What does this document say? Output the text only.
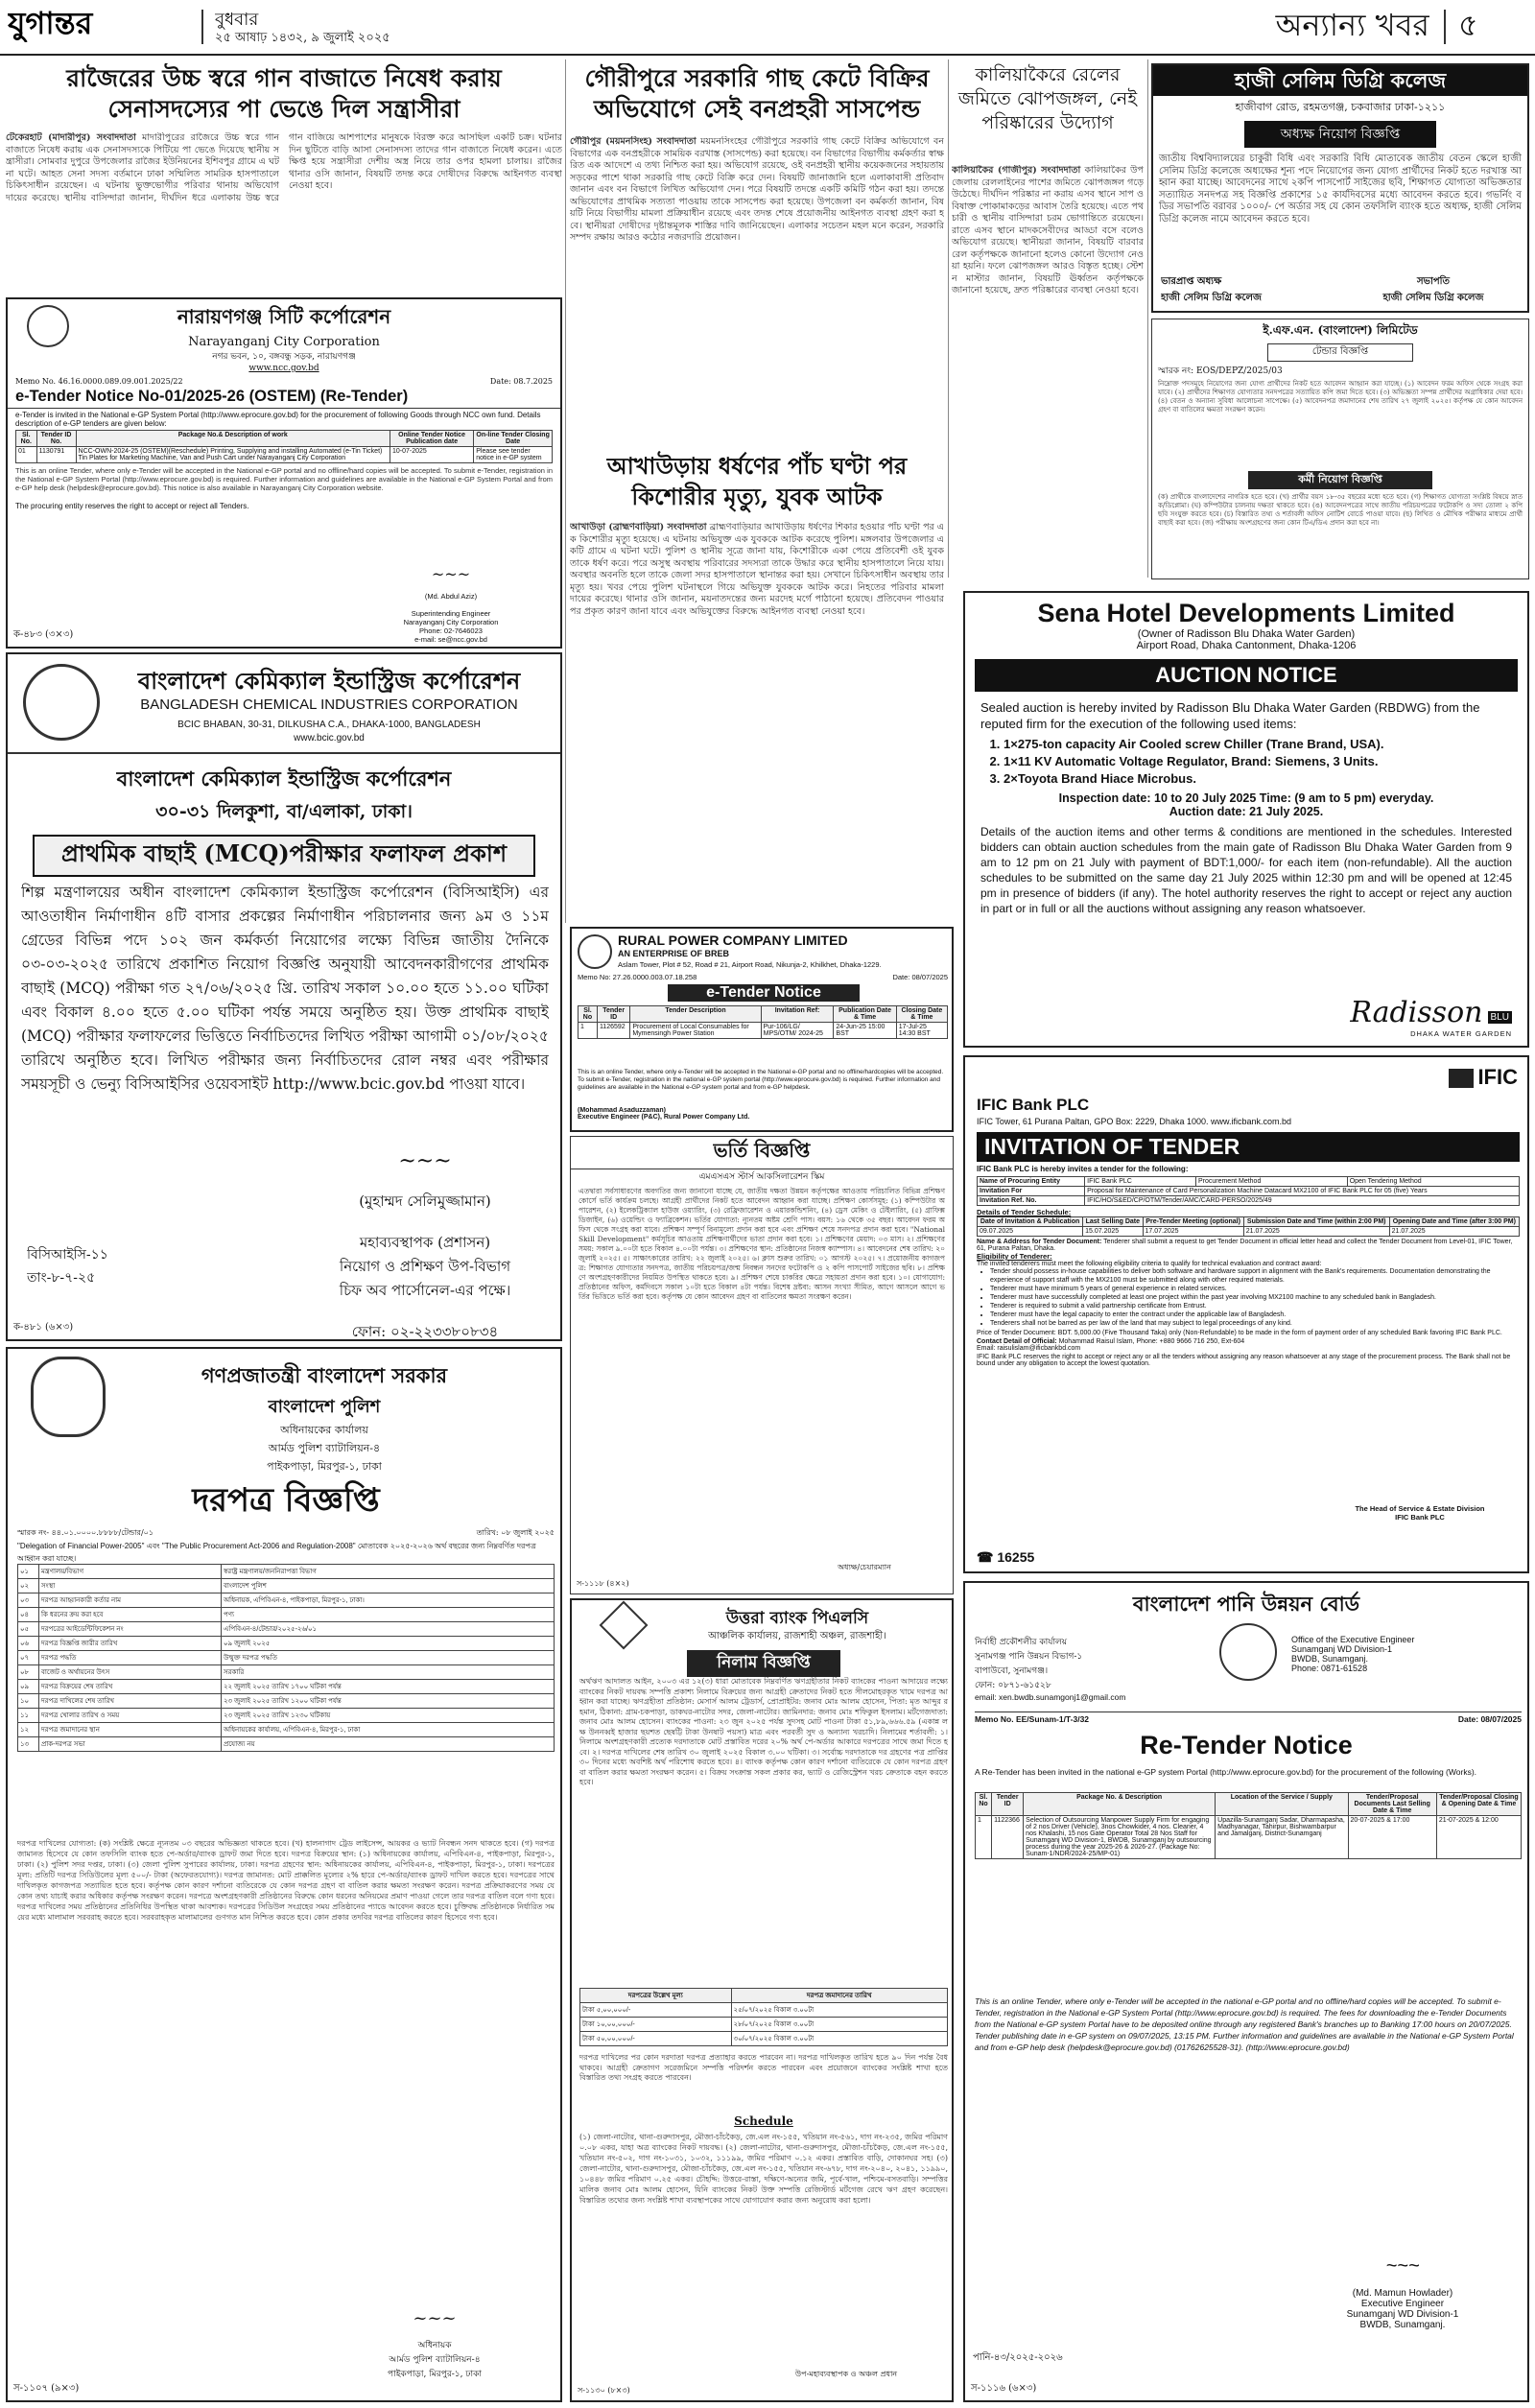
যুগান্তর	বুধবার
২৫ আষাঢ় ১৪৩২, ৯ জুলাই ২০২৫	অন্যান্য খবর ৫
রাজৈরের উচ্চ স্বরে গান বাজাতে নিষেধ করায় সেনাসদস্যের পা ভেঙে দিল সন্ত্রাসীরা
টেকেরহাট (মাদারীপুর) সংবাদদাতা মাদারীপুরের রাজৈরে উচ্চ স্বরে গান বাজাতে নিষেধ করায় এক সেনাসদস্যকে পিটিয়ে পা ভেঙে দিয়েছে স্থানীয় সন্ত্রাসীরা। সোমবার দুপুরে উপজেলার রাজৈর ইউনিয়নের ইশিবপুর গ্রামে এ ঘটনা ঘটে। আহত সেনা সদস্য বর্তমানে ঢাকা সম্মিলিত সামরিক হাসপাতালে চিকিৎসাধীন রয়েছেন। এ ঘটনায় ভুক্তভোগীর পরিবার থানায় অভিযোগ দায়ের করেছে। স্থানীয় বাসিন্দারা জানান, দীর্ঘদিন ধরে এলাকায় উচ্চ স্বরে গান বাজিয়ে আশপাশের মানুষকে বিরক্ত করে আসছিল একটি চক্র। ঘটনার দিন ছুটিতে বাড়ি আসা সেনাসদস্য তাদের গান বাজাতে নিষেধ করেন। এতে ক্ষিপ্ত হয়ে সন্ত্রাসীরা দেশীয় অস্ত্র নিয়ে তার ওপর হামলা চালায়। রাজৈর থানার ওসি জানান, বিষয়টি তদন্ত করে দোষীদের বিরুদ্ধে আইনগত ব্যবস্থা নেওয়া হবে।
গৌরীপুরে সরকারি গাছ কেটে বিক্রির অভিযোগে সেই বনপ্রহরী সাসপেন্ড
গৌরীপুর (ময়মনসিংহ) সংবাদদাতা ময়মনসিংহের গৌরীপুরে সরকারি গাছ কেটে বিক্রির অভিযোগে বনবিভাগের এক বনপ্রহরীকে সাময়িক বরখাস্ত (সাসপেন্ড) করা হয়েছে। বন বিভাগের বিভাগীয় কর্মকর্তার স্বাক্ষরিত এক আদেশে এ তথ্য নিশ্চিত করা হয়। অভিযোগ রয়েছে, ওই বনপ্রহরী স্থানীয় কয়েকজনের সহায়তায় সড়কের পাশে থাকা সরকারি গাছ কেটে বিক্রি করে দেন। বিষয়টি জানাজানি হলে এলাকাবাসী প্রতিবাদ জানান এবং বন বিভাগে লিখিত অভিযোগ দেন। পরে বিষয়টি তদন্তে একটি কমিটি গঠন করা হয়। তদন্তে অভিযোগের প্রাথমিক সত্যতা পাওয়ায় তাকে সাসপেন্ড করা হয়েছে। উপজেলা বন কর্মকর্তা জানান, বিষয়টি নিয়ে বিভাগীয় মামলা প্রক্রিয়াধীন রয়েছে এবং তদন্ত শেষে প্রয়োজনীয় আইনগত ব্যবস্থা গ্রহণ করা হবে। স্থানীয়রা দোষীদের দৃষ্টান্তমূলক শাস্তির দাবি জানিয়েছেন। এলাকার সচেতন মহল মনে করেন, সরকারি সম্পদ রক্ষায় আরও কঠোর নজরদারি প্রয়োজন।
কালিয়াকৈরে রেলের জমিতে ঝোপজঙ্গল, নেই পরিষ্কারের উদ্যোগ
কালিয়াকৈর (গাজীপুর) সংবাদদাতা কালিয়াকৈর উপজেলায় রেললাইনের পাশের জমিতে ঝোপজঙ্গল গড়ে উঠেছে। দীর্ঘদিন পরিষ্কার না করায় এসব স্থানে সাপ ও বিষাক্ত পোকামাকড়ের আবাস তৈরি হয়েছে। এতে পথচারী ও স্থানীয় বাসিন্দারা চরম ভোগান্তিতে রয়েছেন। রাতে এসব স্থানে মাদকসেবীদের আড্ডা বসে বলেও অভিযোগ রয়েছে। স্থানীয়রা জানান, বিষয়টি বারবার রেল কর্তৃপক্ষকে জানানো হলেও কোনো উদ্যোগ নেওয়া হয়নি। ফলে ঝোপজঙ্গল আরও বিস্তৃত হচ্ছে। স্টেশন মাস্টার জানান, বিষয়টি ঊর্ধ্বতন কর্তৃপক্ষকে জানানো হয়েছে, দ্রুত পরিষ্কারের ব্যবস্থা নেওয়া হবে।
আখাউড়ায় ধর্ষণের পাঁচ ঘণ্টা পর কিশোরীর মৃত্যু, যুবক আটক
আখাউড়া (ব্রাহ্মণবাড়িয়া) সংবাদদাতা ব্রাহ্মণবাড়িয়ার আখাউড়ায় ধর্ষণের শিকার হওয়ার পাঁচ ঘণ্টা পর এক কিশোরীর মৃত্যু হয়েছে। এ ঘটনায় অভিযুক্ত এক যুবককে আটক করেছে পুলিশ। মঙ্গলবার উপজেলার একটি গ্রামে এ ঘটনা ঘটে। পুলিশ ও স্থানীয় সূত্রে জানা যায়, কিশোরীকে একা পেয়ে প্রতিবেশী ওই যুবক তাকে ধর্ষণ করে। পরে অসুস্থ অবস্থায় পরিবারের সদস্যরা তাকে উদ্ধার করে স্থানীয় হাসপাতালে নিয়ে যায়। অবস্থার অবনতি হলে তাকে জেলা সদর হাসপাতালে স্থানান্তর করা হয়। সেখানে চিকিৎসাধীন অবস্থায় তার মৃত্যু হয়। খবর পেয়ে পুলিশ ঘটনাস্থলে গিয়ে অভিযুক্ত যুবককে আটক করে। নিহতের পরিবার মামলা দায়ের করেছে। থানার ওসি জানান, ময়নাতদন্তের জন্য মরদেহ মর্গে পাঠানো হয়েছে। প্রতিবেদন পাওয়ার পর প্রকৃত কারণ জানা যাবে এবং অভিযুক্তের বিরুদ্ধে আইনগত ব্যবস্থা নেওয়া হবে।
হাজী সেলিম ডিগ্রি কলেজ
হাজীবাগ রোড, রহমতগঞ্জ, চকবাজার ঢাকা-১২১১
অধ্যক্ষ নিয়োগ বিজ্ঞপ্তি
জাতীয় বিশ্ববিদ্যালয়ের চাকুরী বিধি এবং সরকারি বিধি মোতাবেক জাতীয় বেতন স্কেলে হাজী সেলিম ডিগ্রি কলেজে অধ্যক্ষের শূন্য পদে নিয়োগের জন্য যোগ্য প্রার্থীদের নিকট হতে দরখাস্ত আহ্বান করা যাচ্ছে। আবেদনের সাথে ২কপি পাসপোর্ট সাইজের ছবি, শিক্ষাগত যোগ্যতা অভিজ্ঞতার সত্যায়িত সনদপত্র সহ বিজ্ঞপ্তি প্রকাশের ১৫ কার্যদিবসের মধ্যে আবেদন করতে হবে। গভর্নিং বডির সভাপতি বরাবর ১০০০/- পে অর্ডার সহ যে কোন তফসিলি ব্যাংক হতে অধ্যক্ষ, হাজী সেলিম ডিগ্রি কলেজ নামে আবেদন করতে হবে।
ভারপ্রাপ্ত অধ্যক্ষ
হাজী সেলিম ডিগ্রি কলেজ
সভাপতি
হাজী সেলিম ডিগ্রি কলেজ
ই.এফ.এন. (বাংলাদেশ) লিমিটেড
টেন্ডার বিজ্ঞপ্তি
স্মারক নং: EOS/DEPZ/2025/03
নিম্নোক্ত পদসমূহে নিয়োগের জন্য যোগ্য প্রার্থীদের নিকট হতে আবেদন আহ্বান করা যাচ্ছে। (১) আবেদন ফরম অফিস থেকে সংগ্রহ করা যাবে। (২) প্রার্থীদের শিক্ষাগত যোগ্যতার সনদপত্রের সত্যায়িত কপি জমা দিতে হবে। (৩) অভিজ্ঞতা সম্পন্ন প্রার্থীদের অগ্রাধিকার দেয়া হবে। (৪) বেতন ও অন্যান্য সুবিধা আলোচনা সাপেক্ষে। (৫) আবেদনপত্র জমাদানের শেষ তারিখ ২৭ জুলাই ২০২৫। কর্তৃপক্ষ যে কোন আবেদন গ্রহণ বা বাতিলের ক্ষমতা সংরক্ষণ করেন।
কর্মী নিয়োগ বিজ্ঞপ্তি
(ক) প্রার্থীকে বাংলাদেশের নাগরিক হতে হবে। (খ) প্রার্থীর বয়স ১৮-৩৫ বছরের মধ্যে হতে হবে। (গ) শিক্ষাগত যোগ্যতা সংশ্লিষ্ট বিষয়ে স্নাতক/ডিপ্লোমা। (ঘ) কম্পিউটার চালনায় দক্ষতা থাকতে হবে। (ঙ) আবেদনপত্রের সাথে জাতীয় পরিচয়পত্রের ফটোকপি ও সদ্য তোলা ২ কপি ছবি সংযুক্ত করতে হবে। (চ) বিস্তারিত তথ্য ও শর্তাবলী অফিস নোটিশ বোর্ডে পাওয়া যাবে। (ছ) লিখিত ও মৌখিক পরীক্ষার মাধ্যমে প্রার্থী বাছাই করা হবে। (জ) পরীক্ষায় অংশগ্রহণের জন্য কোন টিএ/ডিএ প্রদান করা হবে না।
নারায়ণগঞ্জ সিটি কর্পোরেশন
Narayanganj City Corporation
নগর ভবন, ১০, বঙ্গবন্ধু সড়ক, নারায়ণগঞ্জ
www.ncc.gov.bd
Memo No. 46.16.0000.089.09.001.2025/22	Date: 08.7.2025
e-Tender Notice No-01/2025-26 (OSTEM) (Re-Tender)
e-Tender is invited in the National e-GP System Portal (http://www.eprocure.gov.bd) for the procurement of following Goods through NCC own fund. Details description of e-GP tenders are given below:
Sl. No.	Tender ID No.	Package No.& Description of work	Online Tender Notice Publication date	On-line Tender Closing Date
01	1130791	NCC-OWN-2024-25 (OSTEM)(Reschedule) Printing, Supplying and installing Automated (e-Tin Ticket) Tin Plates for Marketing Machine, Van and Push Cart under Narayanganj City Corporation	10-07-2025	Please see tender notice in e-GP system
This is an online Tender, where only e-Tender will be accepted in the National e-GP portal and no offline/hard copies will be accepted. To submit e-Tender, registration in the National e-GP System Portal (http://www.eprocure.gov.bd) is required. Further information and guidelines are available in the National e-GP System Portal and from e-GP help desk (helpdesk@eprocure.gov.bd). This notice is also available in Narayanganj City Corporation website.
The procuring entity reserves the right to accept or reject all Tenders.

~~~

(Md. Abdul Aziz)

Superintending Engineer
Narayanganj City Corporation
Phone: 02-7646023
e-mail: se@ncc.gov.bd

ক-৪৮৩ (৩×৩)
বাংলাদেশ কেমিক্যাল ইন্ডাস্ট্রিজ কর্পোরেশন
BANGLADESH CHEMICAL INDUSTRIES CORPORATION
BCIC BHABAN, 30-31, DILKUSHA C.A., DHAKA-1000, BANGLADESH
www.bcic.gov.bd
বাংলাদেশ কেমিক্যাল ইন্ডাস্ট্রিজ কর্পোরেশন
৩০-৩১ দিলকুশা, বা/এলাকা, ঢাকা।
প্রাথমিক বাছাই (MCQ)পরীক্ষার ফলাফল প্রকাশ
শিল্প মন্ত্রণালয়ের অধীন বাংলাদেশ কেমিক্যাল ইন্ডাস্ট্রিজ কর্পোরেশন (বিসিআইসি) এর আওতাধীন নির্মাণাধীন ৪টি বাসার প্রকল্পের নির্মাণাধীন পরিচালনার জন্য ৯ম ও ১১ম গ্রেডের বিভিন্ন পদে ১০২ জন কর্মকর্তা নিয়োগের লক্ষ্যে বিভিন্ন জাতীয় দৈনিকে ০৩-০৩-২০২৫ তারিখে প্রকাশিত নিয়োগ বিজ্ঞপ্তি অনুযায়ী আবেদনকারীগণের প্রাথমিক বাছাই (MCQ) পরীক্ষা গত ২৭/০৬/২০২৫ খ্রি. তারিখ সকাল ১০.০০ হতে ১১.০০ ঘটিকা এবং বিকাল ৪.০০ হতে ৫.০০ ঘটিকা পর্যন্ত সময়ে অনুষ্ঠিত হয়। উক্ত প্রাথমিক বাছাই (MCQ) পরীক্ষার ফলাফলের ভিত্তিতে নির্বাচিতদের লিখিত পরীক্ষা আগামী ০১/০৮/২০২৫ তারিখে অনুষ্ঠিত হবে। লিখিত পরীক্ষার জন্য নির্বাচিতদের রোল নম্বর এবং পরীক্ষার সময়সূচী ও ভেন্যু বিসিআইসির ওয়েবসাইট http://www.bcic.gov.bd পাওয়া যাবে।

~~~

(মুহাম্মদ সেলিমুজ্জামান)

মহাব্যবস্থাপক (প্রশাসন)
নিয়োগ ও প্রশিক্ষণ উপ-বিভাগ
চিফ অব পার্সোনেল-এর পক্ষে।

ফোন: ০২-২২৩৩৮০৮৩৪

বিসিআইসি-১১
তাং-৮-৭-২৫
ক-৪৮১ (৬×৩)
গণপ্রজাতন্ত্রী বাংলাদেশ সরকার
বাংলাদেশ পুলিশ
অধিনায়কের কার্যালয়
আর্মড পুলিশ ব্যাটালিয়ন-৪
পাইকপাড়া, মিরপুর-১, ঢাকা
দরপত্র বিজ্ঞপ্তি
স্মারক নং- ৪৪.০১.০০০০.৮৮৮৮/টেন্ডার/০১	তারিখ: ০৮ জুলাই ২০২৫
"Delegation of Financial Power-2005" এবং "The Public Procurement Act-2006 and Regulation-2008" মোতাবেক ২০২৫-২০২৬ অর্থ বছরের জন্য নিম্নবর্ণিত দরপত্র আহ্বান করা যাচ্ছে।
০১	মন্ত্রণালয়/বিভাগ	স্বরাষ্ট্র মন্ত্রণালয়/জননিরাপত্তা বিভাগ
০২	সংস্থা	বাংলাদেশ পুলিশ
০৩	দরপত্র আহ্বানকারী কর্তার নাম	অধিনায়ক, এপিবিএন-৪, পাইকপাড়া, মিরপুর-১, ঢাকা।
০৪	কি ধরনের ক্রয় করা হবে	পণ্য
০৫	দরপত্রের আইডেন্টিফিকেশন নং	এপিবিএন-৪/টেন্ডার/২০২৫-২৬/০১
০৬	দরপত্র বিজ্ঞপ্তি জারীর তারিখ	০৯ জুলাই ২০২৫
০৭	দরপত্র পদ্ধতি	উন্মুক্ত দরপত্র পদ্ধতি
০৮	বাজেট ও অর্থায়নের উৎস	সরকারি
০৯	দরপত্র বিক্রয়ের শেষ তারিখ	২২ জুলাই ২০২৫ তারিখ ১৭০০ ঘটিকা পর্যন্ত
১০	দরপত্র দাখিলের শেষ তারিখ	২৩ জুলাই ২০২৫ তারিখ ১২০০ ঘটিকা পর্যন্ত
১১	দরপত্র খোলার তারিখ ও সময়	২৩ জুলাই ২০২৫ তারিখ ১২৩০ ঘটিকায়
১২	দরপত্র জমাদানের স্থান	অধিনায়কের কার্যালয়, এপিবিএন-৪, মিরপুর-১, ঢাকা
১৩	প্রাক-দরপত্র সভা	প্রযোজ্য নয়
দরপত্র দাখিলের যোগ্যতা: (ক) সংশ্লিষ্ট ক্ষেত্রে ন্যূনতম ০৩ বছরের অভিজ্ঞতা থাকতে হবে। (খ) হালনাগাদ ট্রেড লাইসেন্স, আয়কর ও ভ্যাট নিবন্ধন সনদ থাকতে হবে। (গ) দরপত্র জামানত হিসেবে যে কোন তফসিলি ব্যাংক হতে পে-অর্ডার/ব্যাংক ড্রাফট জমা দিতে হবে। দরপত্র বিক্রয়ের স্থান: (১) অধিনায়কের কার্যালয়, এপিবিএন-৪, পাইকপাড়া, মিরপুর-১, ঢাকা। (২) পুলিশ সদর দপ্তর, ঢাকা। (৩) জেলা পুলিশ সুপারের কার্যালয়, ঢাকা। দরপত্র গ্রহণের স্থান: অধিনায়কের কার্যালয়, এপিবিএন-৪, পাইকপাড়া, মিরপুর-১, ঢাকা। দরপত্রের মূল্য: প্রতিটি দরপত্র সিডিউলের মূল্য ৫০০/- টাকা (অফেরতযোগ্য)। দরপত্র জামানত: মোট প্রাক্কলিত মূল্যের ২% হারে পে-অর্ডার/ব্যাংক ড্রাফট দাখিল করতে হবে। দরপত্রের সাথে দাখিলকৃত কাগজপত্র সত্যায়িত হতে হবে। কর্তৃপক্ষ কোন কারণ দর্শানো ব্যতিরেকে যে কোন দরপত্র গ্রহণ বা বাতিল করার ক্ষমতা সংরক্ষণ করেন। দরপত্র প্রক্রিয়াকরণের সময় যে কোন তথ্য যাচাই করার অধিকার কর্তৃপক্ষ সংরক্ষণ করেন। দরপত্রে অংশগ্রহণকারী প্রতিষ্ঠানের বিরুদ্ধে কোন ধরনের অনিয়মের প্রমাণ পাওয়া গেলে তার দরপত্র বাতিল বলে গণ্য হবে। দরপত্র দাখিলের সময় প্রতিষ্ঠানের প্রতিনিধির উপস্থিত থাকা আবশ্যক। দরপত্রের সিডিউল সংগ্রহের সময় প্রতিষ্ঠানের প্যাডে আবেদন করতে হবে। চুক্তিবদ্ধ প্রতিষ্ঠানকে নির্ধারিত সময়ের মধ্যে মালামাল সরবরাহ করতে হবে। সরবরাহকৃত মালামালের গুণগত মান নিশ্চিত করতে হবে। কোন প্রকার তদবির দরপত্র বাতিলের কারণ হিসেবে গণ্য হবে।

~~~

অধিনায়ক
আর্মড পুলিশ ব্যাটালিয়ন-৪
পাইকপাড়া, মিরপুর-১, ঢাকা

স-১১০৭ (৯×৩)
RURAL POWER COMPANY LIMITED
AN ENTERPRISE OF BREB
Aslam Tower, Plot # 52, Road # 21, Airport Road, Nikunja-2, Khilkhet, Dhaka-1229.
Memo No: 27.26.0000.003.07.18.258	Date: 08/07/2025
e-Tender Notice
Sl. No	Tender ID	Tender Description	Invitation Ref:	Publication Date & Time	Closing Date & Time
1	1126592	Procurement of Local Consumables for Mymensingh Power Station	Pur-106/LG/ MPS/OTM/ 2024-25	24-Jun-25 15:00 BST	17-Jul-25 14:30 BST
This is an online Tender, where only e-Tender will be accepted in the National e-GP portal and no offline/hardcopies will be accepted. To submit e-Tender, registration in the national e-GP system portal (http://www.eprocure.gov.bd) is required. Further information and guidelines are available in the National e-GP system portal and from e-GP helpdesk.
(Mohammad Asaduzzaman)
Executive Engineer (P&C), Rural Power Company Ltd.
ভর্তি বিজ্ঞপ্তি
এমএসএস স্টার্স আকসিলারেশন স্কিম
এতদ্বারা সর্বসাধারণের অবগতির জন্য জানানো যাচ্ছে যে, জাতীয় দক্ষতা উন্নয়ন কর্তৃপক্ষের আওতায় পরিচালিত বিভিন্ন প্রশিক্ষণ কোর্সে ভর্তি কার্যক্রম চলছে। আগ্রহী প্রার্থীদের নিকট হতে আবেদন আহ্বান করা যাচ্ছে। প্রশিক্ষণ কোর্সসমূহ: (১) কম্পিউটার অপারেশন, (২) ইলেকট্রিক্যাল হাউজ ওয়্যারিং, (৩) রেফ্রিজারেশন ও এয়ারকন্ডিশনিং, (৪) ড্রেস মেকিং ও টেইলারিং, (৫) গ্রাফিক্স ডিজাইন, (৬) ওয়েল্ডিং ও ফ্যাব্রিকেশন। ভর্তির যোগ্যতা: ন্যূনতম অষ্টম শ্রেণি পাস। বয়স: ১৬ থেকে ৩৫ বছর। আবেদন ফরম অফিস থেকে সংগ্রহ করা যাবে। প্রশিক্ষণ সম্পূর্ণ বিনামূল্যে প্রদান করা হবে এবং প্রশিক্ষণ শেষে সনদপত্র প্রদান করা হবে। "National Skill Development" কর্মসূচির আওতায় প্রশিক্ষণার্থীদের ভাতা প্রদান করা হবে। ১। প্রশিক্ষণের মেয়াদ: ০৩ মাস। ২। প্রশিক্ষণের সময়: সকাল ৯.০০টা হতে বিকাল ৪.০০টা পর্যন্ত। ৩। প্রশিক্ষণের স্থান: প্রতিষ্ঠানের নিজস্ব ক্যাম্পাস। ৪। আবেদনের শেষ তারিখ: ২০ জুলাই ২০২৫। ৫। সাক্ষাৎকারের তারিখ: ২২ জুলাই ২০২৫। ৬। ক্লাস শুরুর তারিখ: ০১ আগস্ট ২০২৫। ৭। প্রয়োজনীয় কাগজপত্র: শিক্ষাগত যোগ্যতার সনদপত্র, জাতীয় পরিচয়পত্র/জন্ম নিবন্ধন সনদের ফটোকপি ও ২ কপি পাসপোর্ট সাইজের ছবি। ৮। প্রশিক্ষণে অংশগ্রহণকারীদের নিয়মিত উপস্থিত থাকতে হবে। ৯। প্রশিক্ষণ শেষে চাকরির ক্ষেত্রে সহায়তা প্রদান করা হবে। ১০। যোগাযোগ: প্রতিষ্ঠানের অফিস, কর্মদিবসে সকাল ১০টা হতে বিকাল ৪টা পর্যন্ত। বিশেষ দ্রষ্টব্য: আসন সংখ্যা সীমিত, আগে আসলে আগে ভর্তির ভিত্তিতে ভর্তি করা হবে। কর্তৃপক্ষ যে কোন আবেদন গ্রহণ বা বাতিলের ক্ষমতা সংরক্ষণ করেন।
অধ্যক্ষ/চেয়ারম্যান
স-১১১৮ (৪×২)
উত্তরা ব্যাংক পিএলসি
আঞ্চলিক কার্যালয়, রাজশাহী অঞ্চল, রাজশাহী।
নিলাম বিজ্ঞপ্তি
অর্থঋণ আদালত আইন, ২০০৩ এর ১২(৩) ধারা মোতাবেক নিম্নবর্ণিত ঋণগ্রহীতার নিকট ব্যাংকের পাওনা আদায়ের লক্ষ্যে ব্যাংকের নিকট দায়বদ্ধ সম্পত্তি প্রকাশ্য নিলামে বিক্রয়ের জন্য আগ্রহী ক্রেতাদের নিকট হতে সীলমোহরকৃত খামে দরপত্র আহ্বান করা যাচ্ছে। ঋণগ্রহীতা প্রতিষ্ঠান: মেসার্স আলম ট্রেডার্স, প্রোপ্রাইটর: জনাব মোঃ আলম হোসেন, পিতা: মৃত আব্দুর রহমান, ঠিকানা: গ্রাম-চকপাড়া, ডাকঘর-নাটোর সদর, জেলা-নাটোর। জামিনদার: জনাব মোঃ শফিকুল ইসলাম। মর্টগেজদাতা: জনাব মোঃ আলম হোসেন। ব্যাংকের পাওনা: ২৩ জুন ২০২৫ পর্যন্ত সুদসহ মোট পাওনা টাকা ৫১,৮৯,৬৬৬.৫৯ (একান্ন লক্ষ উননব্বই হাজার ছয়শত ছেষট্টি টাকা উনষাট পয়সা) মাত্র এবং পরবর্তী সুদ ও অন্যান্য খরচাদি। নিলামের শর্তাবলী: ১। নিলামে অংশগ্রহণকারী প্রত্যেক দরদাতাকে মোট প্রস্তাবিত দরের ২০% অর্থ পে-অর্ডার আকারে দরপত্রের সাথে জমা দিতে হবে। ২। দরপত্র দাখিলের শেষ তারিখ ৩০ জুলাই ২০২৫ বিকাল ৩.০০ ঘটিকা। ৩। সর্বোচ্চ দরদাতাকে দর গ্রহণের পত্র প্রাপ্তির ৩০ দিনের মধ্যে অবশিষ্ট অর্থ পরিশোধ করতে হবে। ৪। ব্যাংক কর্তৃপক্ষ কোন কারণ দর্শানো ব্যতিরেকে যে কোন দরপত্র গ্রহণ বা বাতিল করার ক্ষমতা সংরক্ষণ করেন। ৫। বিক্রয় সংক্রান্ত সকল প্রকার কর, ভ্যাট ও রেজিস্ট্রেশন খরচ ক্রেতাকে বহন করতে হবে।
দরপত্রের উল্লেখ মূল্য	দরপত্র জমাদানের তারিখ
টাকা ৫,০০,০০০/-	২৫/০৭/২০২৫ বিকাল ৩.০০টা
টাকা ১০,০০,০০০/-	২৮/০৭/২০২৫ বিকাল ৩.০০টা
টাকা ৫০,০০,০০০/-	৩০/০৭/২০২৫ বিকাল ৩.০০টা
দরপত্র দাখিলের পর কোন দরদাতা দরপত্র প্রত্যাহার করতে পারবেন না। দরপত্র দাখিলকৃত তারিখ হতে ৯০ দিন পর্যন্ত বৈধ থাকবে। আগ্রহী ক্রেতাগণ সরেজমিনে সম্পত্তি পরিদর্শন করতে পারবেন এবং প্রয়োজনে ব্যাংকের সংশ্লিষ্ট শাখা হতে বিস্তারিত তথ্য সংগ্রহ করতে পারবেন।
Schedule
(১) জেলা-নাটোর, থানা-গুরুদাসপুর, মৌজা-চাঁচকৈড়, জে.এল নং-১৫৫, খতিয়ান নং-৫৬১, দাগ নং-২৩৫, জমির পরিমাণ ০.০৮ একর, যাহা অত্র ব্যাংকের নিকট দায়বদ্ধ। (২) জেলা-নাটোর, থানা-গুরুদাসপুর, মৌজা-চাঁচকৈড়, জে.এল নং-১৫৫, খতিয়ান নং-৫০২, দাগ নং-১০৩১, ১০৩২, ১১১৯৯, জমির পরিমাণ ০.১২ একর। প্রস্তাবিত বাড়ি, দোকানঘর সহ। (৩) জেলা-নাটোর, থানা-গুরুদাসপুর, মৌজা-চাঁচকৈড়, জে.এল নং-১৫৫, খতিয়ান নং-৬৭৮, দাগ নং-২০৪০, ২০৪১, ১১৯৯০, ১০৪৪৮ জমির পরিমাণ ০.২৫ একর। চৌহদ্দি: উত্তরে-রাস্তা, দক্ষিণে-অন্যের জমি, পূর্বে-খাল, পশ্চিমে-বসতবাড়ি। সম্পত্তির মালিক জনাব মোঃ আলম হোসেন, যিনি ব্যাংকের নিকট উক্ত সম্পত্তি রেজিস্টার্ড মর্টগেজ রেখে ঋণ গ্রহণ করেছেন। বিস্তারিত তথ্যের জন্য সংশ্লিষ্ট শাখা ব্যবস্থাপকের সাথে যোগাযোগ করার জন্য অনুরোধ করা হলো।
উপ-মহাব্যবস্থাপক ও অঞ্চল প্রধান
স-১১৩০ (৮×৩)
Sena Hotel Developments Limited
(Owner of Radisson Blu Dhaka Water Garden)
Airport Road, Dhaka Cantonment, Dhaka-1206
AUCTION NOTICE
Sealed auction is hereby invited by Radisson Blu Dhaka Water Garden (RBDWG) from the reputed firm for the execution of the following used items:
1. 1×275-ton capacity Air Cooled screw Chiller (Trane Brand, USA).
2. 1×11 KV Automatic Voltage Regulator, Brand: Siemens, 3 Units.
3. 2×Toyota Brand Hiace Microbus.
Inspection date: 10 to 20 July 2025 Time: (9 am to 5 pm) everyday.
Auction date: 21 July 2025.
Details of the auction items and other terms & conditions are mentioned in the schedules. Interested bidders can obtain auction schedules from the main gate of Radisson Blu Dhaka Water Garden from 9 am to 12 pm on 21 July with payment of BDT:1,000/- for each item (non-refundable). All the auction schedules to be submitted on the same day 21 July 2025 within 12:30 pm and will be opened at 12:45 pm in presence of bidders (if any). The hotel authority reserves the right to accept or reject any auction in part or in full or all the auctions without assigning any reason whatsoever.
Radisson BLU
DHAKA WATER GARDEN
IFIC
IFIC Bank PLC
IFIC Tower, 61 Purana Paltan, GPO Box: 2229, Dhaka 1000. www.ificbank.com.bd
INVITATION OF TENDER
IFIC Bank PLC is hereby invites a tender for the following:
Name of Procuring Entity	IFIC Bank PLC	Procurement Method	Open Tendering Method
Invitation For	Proposal for Maintenance of Card Personalization Machine Datacard MX2100 of IFIC Bank PLC for 05 (five) Years		
Invitation Ref. No.	IFIC/HO/S&ED/CP/OTM/Tender/AMC/CARD-PERSO/2025/49		
Details of Tender Schedule:
Date of Invitation & Publication	Last Selling Date	Pre-Tender Meeting (optional)	Submission Date and Time (within 2:00 PM)	Opening Date and Time (after 3:00 PM)
09.07.2025	15.07.2025	17.07.2025	21.07.2025	21.07.2025
Name & Address for Tender Document: Tenderer shall submit a request to get Tender Document in official letter head and collect the Tender Document from Level-01, IFIC Tower, 61, Purana Paltan, Dhaka.
Eligibility of Tenderer:
The invited tenderers must meet the following eligibility criteria to qualify for technical evaluation and contract award:
• Tender should possess in-house capabilities to deliver both software and hardware support in alignment with the Bank's requirements. Documentation demonstrating the experience of support staff with the MX2100 must be submitted along with other required materials.
• Tenderer must have minimum 5 years of general experience in related services.
• Tenderer must have successfully completed at least one project within the past year involving MX2100 machine to any scheduled bank in Bangladesh.
• Tenderer is required to submit a valid partnership certificate from Entrust.
• Tenderer must have the legal capacity to enter the contract under the applicable law of Bangladesh.
• Tenderers shall not be barred as per law of the land that may subject to legal proceedings of any kind.
Price of Tender Document: BDT. 5,000.00 (Five Thousand Taka) only (Non-Refundable) to be made in the form of payment order of any scheduled Bank favoring IFIC Bank PLC.
Contact Detail of Official: Mohammad Raisul Islam, Phone: +880 9666 716 250, Ext-604
Email: raisulislam@ificbankbd.com
IFIC Bank PLC reserves the right to accept or reject any or all the tenders without assigning any reason whatsoever at any stage of the procurement process. The Bank shall not be bound under any obligation to accept the lowest quotation.
The Head of Service & Estate Division
IFIC Bank PLC
☎ 16255
বাংলাদেশ পানি উন্নয়ন বোর্ড
নির্বাহী প্রকৌশলীর কার্যালয়
সুনামগঞ্জ পানি উন্নয়ন বিভাগ-১
বাপাউবো, সুনামগঞ্জ।
ফোন: ০৮৭১-৬১৫২৮
Office of the Executive Engineer
Sunamganj WD Division-1
BWDB, Sunamganj.
Phone: 0871-61528
email: xen.bwdb.sunamgonj1@gmail.com
Memo No. EE/Sunam-1/T-3/32	Date: 08/07/2025
Re-Tender Notice
A Re-Tender has been invited in the national e-GP system Portal (http://www.eprocure.gov.bd) for the procurement of the following (Works).
Sl. No	Tender ID	Package No. & Description	Location of the Service / Supply	Tender/Proposal Documents Last Selling Date & Time	Tender/Proposal Closing & Opening Date & Time
1	1122366	Selection of Outsourcing Manpower Supply Firm for engaging of 2 nos Driver (Vehicle), 3nos Chowkider, 4 nos. Cleaner, 4 nos Khalashi, 15 nos Gate Operator Total 28 Nos Staff for Sunamganj WD Division-1, BWDB, Sunamganj by outsourcing process during the year 2025-26 & 2026-27. (Package No: Sunam-1/NDR/2024-25/MP-01)	Upazilla-Sunamganj Sadar, Dharmapasha, Madhyanagar, Tahirpur, Bishwambarpur and Jamalganj, District-Sunamganj	20-07-2025 & 17:00	21-07-2025 & 12:00
This is an online Tender, where only e-Tender will be accepted in the national e-GP portal and no offline/hard copies will be accepted. To submit e-Tender, registration in the National e-GP System Portal (http://www.eprocure.gov.bd) is required. The fees for downloading the e-Tender Documents from the National e-GP system Portal have to be deposited online through any registered Bank's branches up to Banking 17:00 hours on 20/07/2025. Tender publishing date in e-GP system on 09/07/2025, 13:15 PM. Further information and guidelines are available in the National e-GP System Portal and from e-GP help desk (helpdesk@eprocure.gov.bd) (01762625528-31). (http://www.eprocure.gov.bd)

~~~

(Md. Mamun Howlader)
Executive Engineer
Sunamganj WD Division-1
BWDB, Sunamganj.

পানি-৪৩/২০২৫-২০২৬
স-১১১৬ (৬×৩)
